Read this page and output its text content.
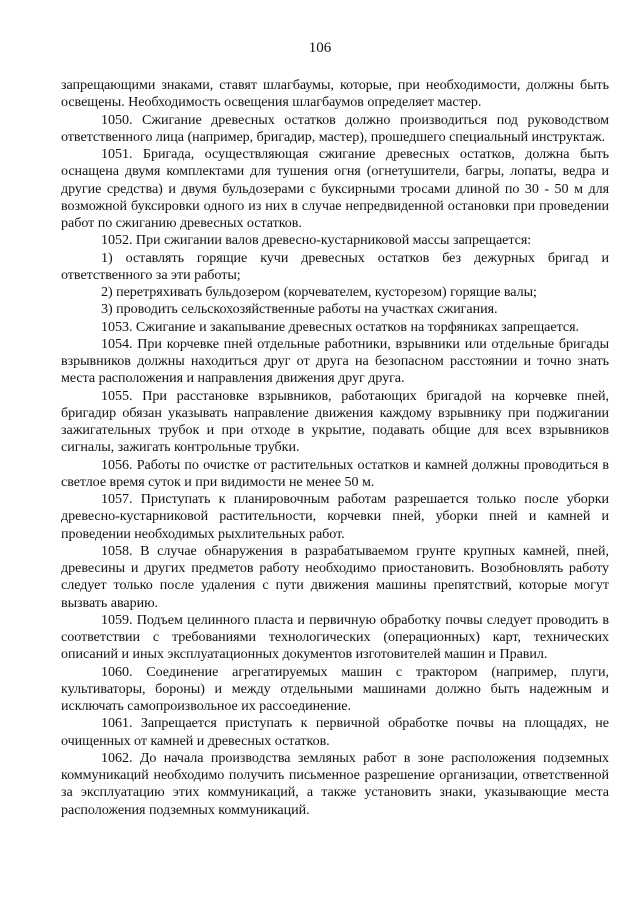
106

запрещающими знаками, ставят шлагбаумы, которые, при необходимости, должны быть освещены. Необходимость освещения шлагбаумов определяет мастер.

1050. Сжигание древесных остатков должно производиться под руководством ответственного лица (например, бригадир, мастер), прошедшего специальный инструктаж.

1051. Бригада, осуществляющая сжигание древесных остатков, должна быть оснащена двумя комплектами для тушения огня (огнетушители, багры, лопаты, ведра и другие средства) и двумя бульдозерами с буксирными тросами длиной по 30 - 50 м для возможной буксировки одного из них в случае непредвиденной остановки при проведении работ по сжиганию древесных остатков.

1052. При сжигании валов древесно-кустарниковой массы запрещается:

1) оставлять горящие кучи древесных остатков без дежурных бригад и ответственного за эти работы;

2) перетряхивать бульдозером (корчевателем, кусторезом) горящие валы;

3) проводить сельскохозяйственные работы на участках сжигания.

1053. Сжигание и закапывание древесных остатков на торфяниках запрещается.

1054. При корчевке пней отдельные работники, взрывники или отдельные бригады взрывников должны находиться друг от друга на безопасном расстоянии и точно знать места расположения и направления движения друг друга.

1055. При расстановке взрывников, работающих бригадой на корчевке пней, бригадир обязан указывать направление движения каждому взрывнику при поджигании зажигательных трубок и при отходе в укрытие, подавать общие для всех взрывников сигналы, зажигать контрольные трубки.

1056. Работы по очистке от растительных остатков и камней должны проводиться в светлое время суток и при видимости не менее 50 м.

1057. Приступать к планировочным работам разрешается только после уборки древесно-кустарниковой растительности, корчевки пней, уборки пней и камней и проведении необходимых рыхлительных работ.

1058. В случае обнаружения в разрабатываемом грунте крупных камней, пней, древесины и других предметов работу необходимо приостановить. Возобновлять работу следует только после удаления с пути движения машины препятствий, которые могут вызвать аварию.

1059. Подъем целинного пласта и первичную обработку почвы следует проводить в соответствии с требованиями технологических (операционных) карт, технических описаний и иных эксплуатационных документов изготовителей машин и Правил.

1060. Соединение агрегатируемых машин с трактором (например, плуги, культиваторы, бороны) и между отдельными машинами должно быть надежным и исключать самопроизвольное их рассоединение.

1061. Запрещается приступать к первичной обработке почвы на площадях, не очищенных от камней и древесных остатков.

1062. До начала производства земляных работ в зоне расположения подземных коммуникаций необходимо получить письменное разрешение организации, ответственной за эксплуатацию этих коммуникаций, а также установить знаки, указывающие места расположения подземных коммуникаций.
